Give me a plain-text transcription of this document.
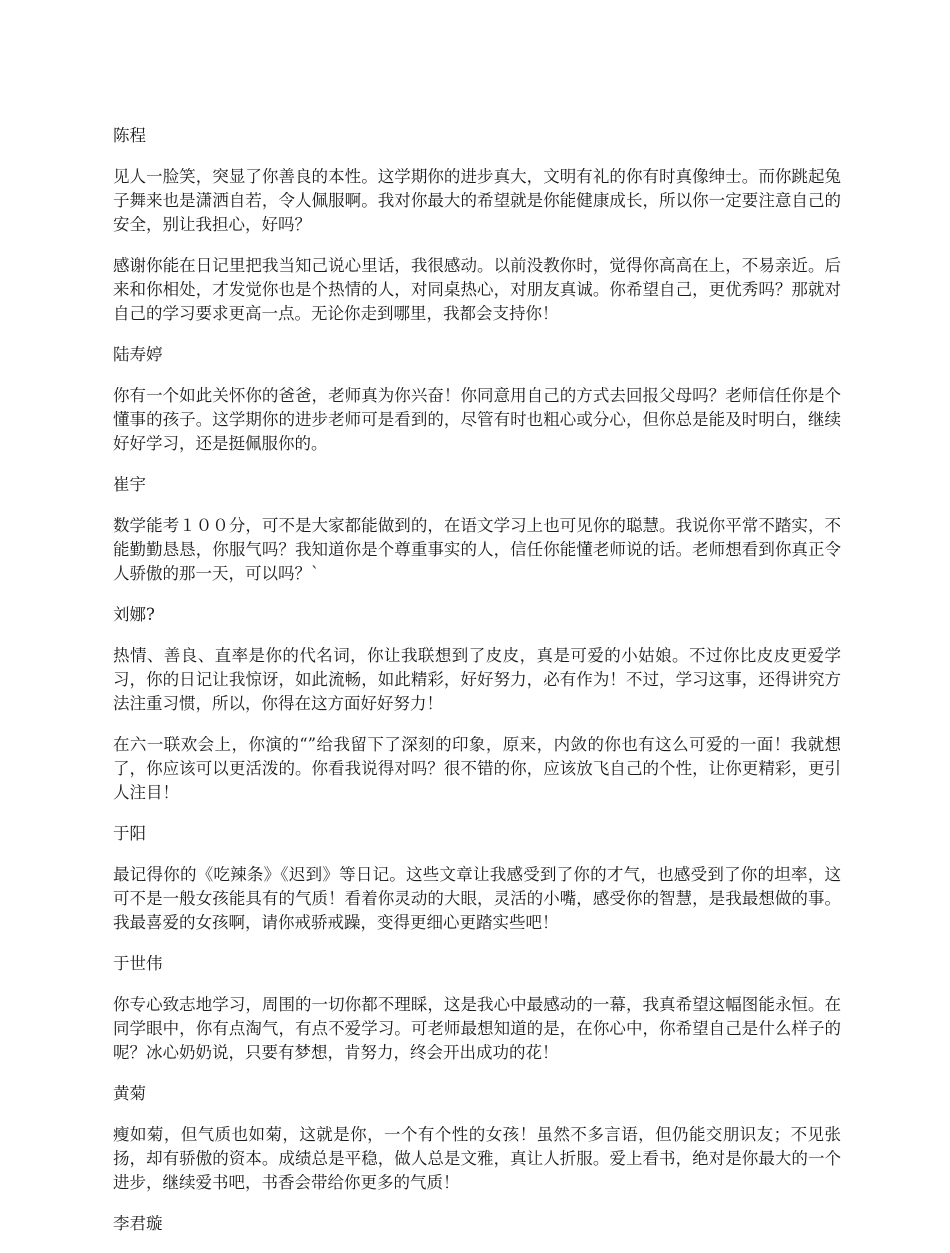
陈程

见人一脸笑，突显了你善良的本性。这学期你的进步真大，文明有礼的你有时真像绅士。而你跳起兔子舞来也是潇洒自若，令人佩服啊。我对你最大的希望就是你能健康成长，所以你一定要注意自己的安全，别让我担心，好吗？

感谢你能在日记里把我当知己说心里话，我很感动。以前没教你时，觉得你高高在上，不易亲近。后来和你相处，才发觉你也是个热情的人，对同桌热心，对朋友真诚。你希望自己，更优秀吗？那就对自己的学习要求更高一点。无论你走到哪里，我都会支持你！

陆寿婷

你有一个如此关怀你的爸爸，老师真为你兴奋！你同意用自己的方式去回报父母吗？老师信任你是个懂事的孩子。这学期你的进步老师可是看到的，尽管有时也粗心或分心，但你总是能及时明白，继续好好学习，还是挺佩服你的。

崔宇

数学能考１００分，可不是大家都能做到的，在语文学习上也可见你的聪慧。我说你平常不踏实，不能勤勤恳恳，你服气吗？我知道你是个尊重事实的人，信任你能懂老师说的话。老师想看到你真正令人骄傲的那一天，可以吗？`

刘娜?

热情、善良、直率是你的代名词，你让我联想到了皮皮，真是可爱的小姑娘。不过你比皮皮更爱学习，你的日记让我惊讶，如此流畅，如此精彩，好好努力，必有作为！不过，学习这事，还得讲究方法注重习惯，所以，你得在这方面好好努力！

在六一联欢会上，你演的“”给我留下了深刻的印象，原来，内敛的你也有这么可爱的一面！我就想了，你应该可以更活泼的。你看我说得对吗？很不错的你，应该放飞自己的个性，让你更精彩，更引人注目！

于阳

最记得你的《吃辣条》《迟到》等日记。这些文章让我感受到了你的才气，也感受到了你的坦率，这可不是一般女孩能具有的气质！看着你灵动的大眼，灵活的小嘴，感受你的智慧，是我最想做的事。我最喜爱的女孩啊，请你戒骄戒躁，变得更细心更踏实些吧！

于世伟

你专心致志地学习，周围的一切你都不理睬，这是我心中最感动的一幕，我真希望这幅图能永恒。在同学眼中，你有点淘气，有点不爱学习。可老师最想知道的是，在你心中，你希望自己是什么样子的呢？冰心奶奶说，只要有梦想，肯努力，终会开出成功的花！

黄菊

瘦如菊，但气质也如菊，这就是你，一个有个性的女孩！虽然不多言语，但仍能交朋识友；不见张扬，却有骄傲的资本。成绩总是平稳，做人总是文雅，真让人折服。爱上看书，绝对是你最大的一个进步，继续爱书吧，书香会带给你更多的气质！

李君璇
